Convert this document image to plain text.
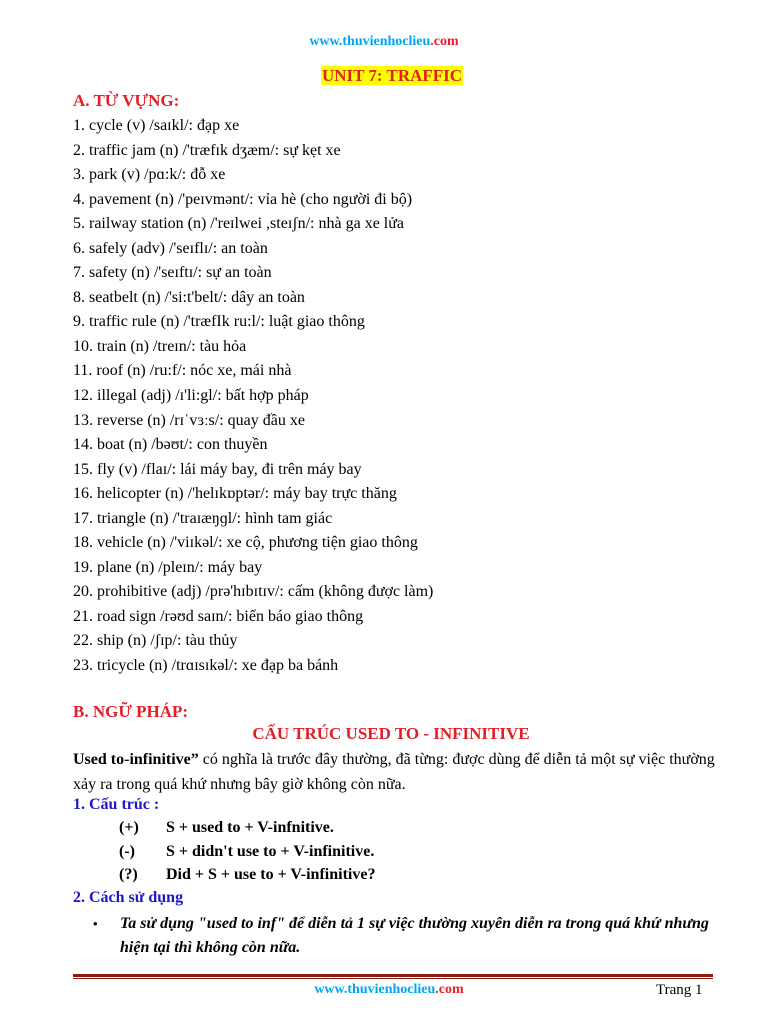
www.thuvienhoclieu.com
UNIT 7: TRAFFIC
A. TỪ VỰNG:
1. cycle (v) /saɪkl/: đạp xe
2. traffic jam (n) /'træfɪk dʒæm/: sự kẹt xe
3. park (v) /pɑ:k/: đỗ xe
4. pavement (n) /'peɪvmənt/: vỉa hè (cho người đi bộ)
5. railway station (n) /'reɪlwei ,steɪʃn/: nhà ga xe lửa
6. safely (adv) /'seɪflɪ/: an toàn
7. safety (n) /'seɪftɪ/: sự an toàn
8. seatbelt (n) /'si:t'belt/: dây an toàn
9. traffic rule (n) /'træfIk ru:l/: luật giao thông
10. train (n) /treɪn/: tàu hỏa
11. roof (n) /ru:f/: nóc xe, mái nhà
12. illegal (adj) /ɪ'li:gl/: bất hợp pháp
13. reverse (n) /rɪˈvɜːs/: quay đầu xe
14. boat (n) /bəʊt/: con thuyền
15. fly (v) /flaɪ/: lái máy bay, đi trên máy bay
16. helicopter (n) /'helɪkɒptər/: máy bay trực thăng
17. triangle (n) /'traɪæŋɡl/: hình tam giác
18. vehicle (n) /'viɪkəl/: xe cộ, phương tiện giao thông
19. plane (n) /pleɪn/: máy bay
20. prohibitive (adj) /prə'hɪbɪtɪv/: cấm (không được làm)
21. road sign /rəʊd saɪn/: biển báo giao thông
22. ship (n) /ʃɪp/: tàu thủy
23. tricycle (n) /trɑɪsɪkəl/: xe đạp ba bánh
B. NGỮ PHÁP:
CẤU TRÚC USED TO - INFINITIVE
Used to-infinitive” có nghĩa là trước đây thường, đã từng: được dùng để diễn tả một sự việc thường xảy ra trong quá khứ nhưng bây giờ không còn nữa.
1. Cấu trúc :
(+) S + used to + V-infnitive.
(-) S + didn't use to + V-infinitive.
(?) Did + S + use to + V-infinitive?
2. Cách sử dụng
• Ta sử dụng "used to inf" để diễn tả 1 sự việc thường xuyên diễn ra trong quá khứ nhưng hiện tại thì không còn nữa.
www.thuvienhoclieu.com	Trang 1
